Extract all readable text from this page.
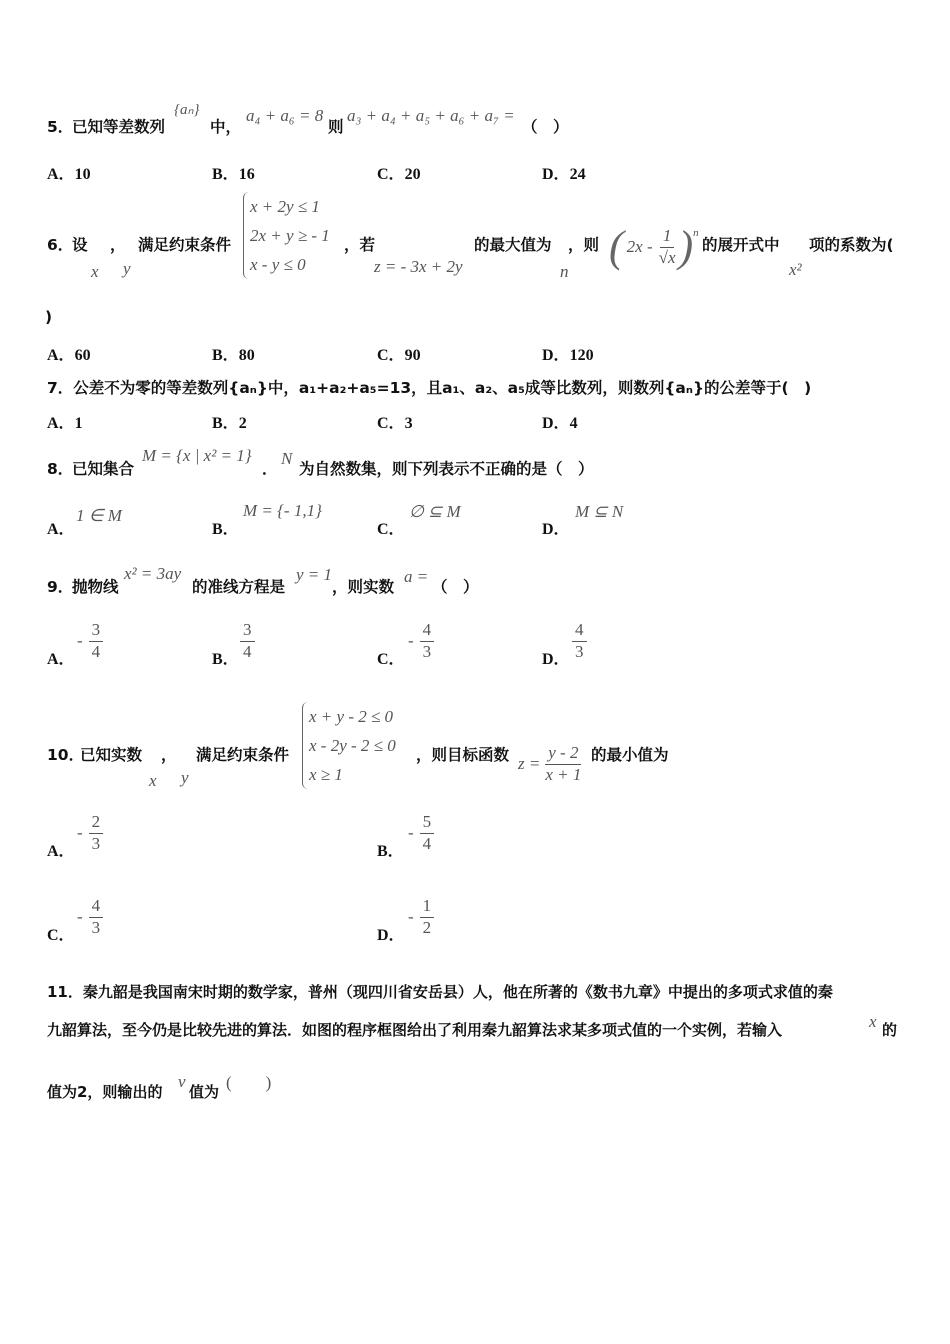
5．
已知等差数列
{aₙ}
中，
a₄ + a₆ = 8
则
a₃ + a₄ + a₅ + a₆ + a₇ =
（　）
A．10	B．16	C．20	D．24
6．
设 ， 满足约束条件
x y
x + 2y ≤ 1
2x + y ≥ - 1
x - y ≤ 0
，若
z = - 3x + 2y
的最大值为
n
，则 ( $2x - \frac{1}{√x}$ ) n
的展开式中
x²
项的系数为(
)
A．60	B．80	C．90	D．120
7．公差不为零的等差数列{aₙ}中，a₁+a₂+a₅=13，且a₁、a₂、a₅成等比数列，则数列{aₙ}的公差等于(　)
A．1	B．2	C．3	D．4
8．
已知集合
M = {x | x² = 1}
．
N
为自然数集，则下列表示不正确的是（　）
A．
1 ∈ M
B．
M = {- 1,1}
C．
∅ ⊆ M
D．
M ⊆ N
9．
抛物线
x² = 3ay
的准线方程是
y = 1
，则实数
a =
（　）
A．
- $\frac{3}{4}$	B． $\frac{3}{4}$	C．
- $\frac{4}{3}$	D． $\frac{4}{3}$
10．
已知实数 ， 满足约束条件
x y
x + y - 2 ≤ 0
x - 2y - 2 ≤ 0
x ≥ 1
，则目标函数 $z = \frac{y - 2}{x + 1}$ 的最小值为
A．
- $\frac{2}{3}$	B．
- $\frac{5}{4}$
C．
- $\frac{4}{3}$	D．
- $\frac{1}{2}$
11．秦九韶是我国南宋时期的数学家，普州（现四川省安岳县）人，他在所著的《数书九章》中提出的多项式求值的秦
九韶算法，至今仍是比较先进的算法．如图的程序框图给出了利用秦九韶算法求某多项式值的一个实例，若输入	x 的
值为2，则输出的
v
值为 (　　)
